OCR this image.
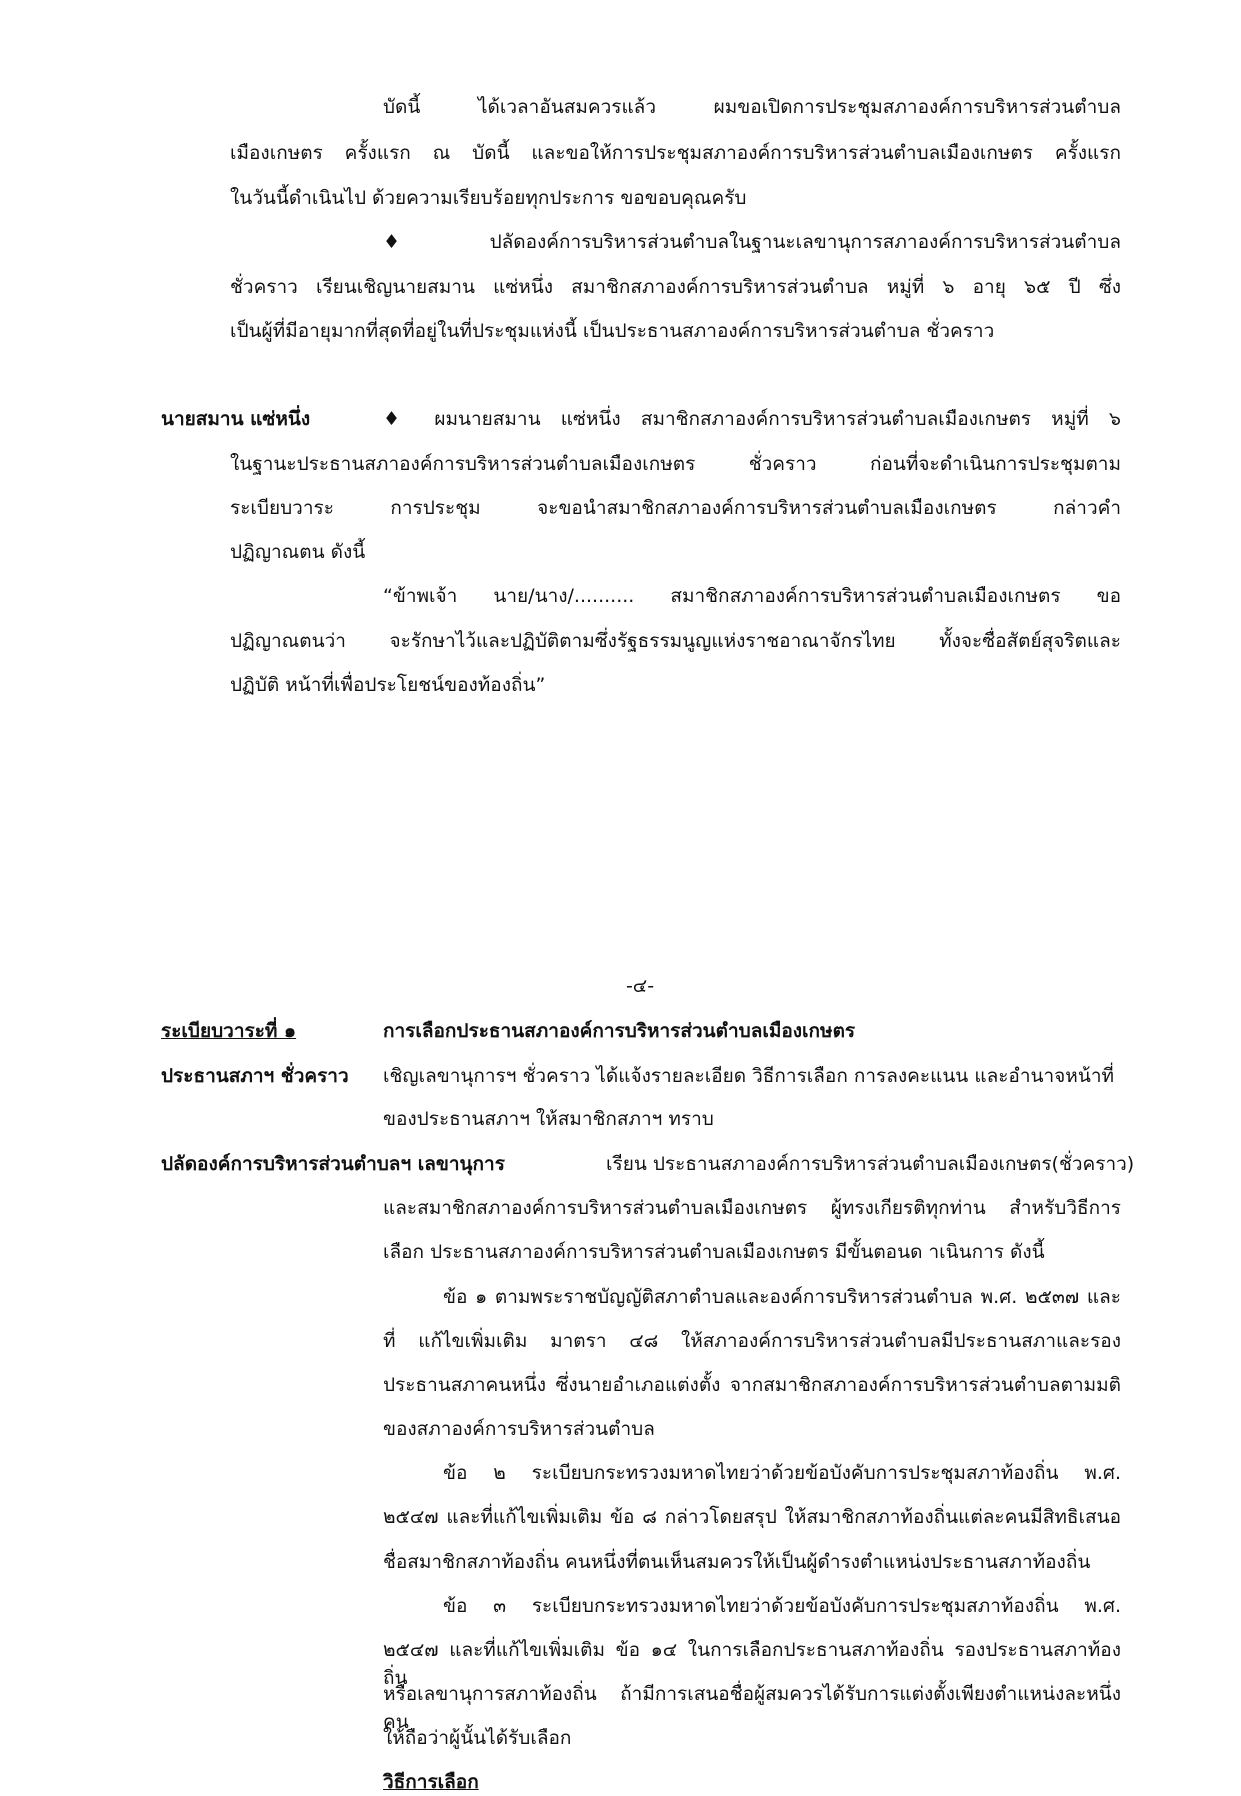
บัดนี้ ได้เวลาอันสมควรแล้ว ผมขอเปิดการประชุมสภาองค์การบริหารส่วนตำบล
เมืองเกษตร ครั้งแรก ณ บัดนี้ และขอให้การประชุมสภาองค์การบริหารส่วนตำบลเมืองเกษตร ครั้งแรก
ในวันนี้ดำเนินไป ด้วยความเรียบร้อยทุกประการ ขอขอบคุณครับ
♦ปลัดองค์การบริหารส่วนตำบลในฐานะเลขานุการสภาองค์การบริหารส่วนตำบล
ชั่วคราว เรียนเชิญนายสมาน แซ่หนึ่ง สมาชิกสภาองค์การบริหารส่วนตำบล หมู่ที่ ๖ อายุ ๖๕ ปี ซึ่ง
เป็นผู้ที่มีอายุมากที่สุดที่อยู่ในที่ประชุมแห่งนี้ เป็นประธานสภาองค์การบริหารส่วนตำบล ชั่วคราว
นายสมาน แซ่หนึ่ง	♦ ผมนายสมาน แซ่หนึ่ง สมาชิกสภาองค์การบริหารส่วนตำบลเมืองเกษตร หมู่ที่ ๖
ในฐานะประธานสภาองค์การบริหารส่วนตำบลเมืองเกษตร ชั่วคราว ก่อนที่จะดำเนินการประชุมตาม
ระเบียบวาระ การประชุม จะขอนำสมาชิกสภาองค์การบริหารส่วนตำบลเมืองเกษตร กล่าวคำ
ปฏิญาณตน ดังนี้
“ข้าพเจ้า นาย/นาง/.......... สมาชิกสภาองค์การบริหารส่วนตำบลเมืองเกษตร ขอ
ปฏิญาณตนว่า จะรักษาไว้และปฏิบัติตามซึ่งรัฐธรรมนูญแห่งราชอาณาจักรไทย ทั้งจะซื่อสัตย์สุจริตและ
ปฏิบัติ หน้าที่เพื่อประโยชน์ของท้องถิ่น”
-๔-
ระเบียบวาระที่ ๑	การเลือกประธานสภาองค์การบริหารส่วนตำบลเมืองเกษตร
ประธานสภาฯ ชั่วคราว เชิญเลขานุการฯ ชั่วคราว ได้แจ้งรายละเอียด วิธีการเลือก การลงคะแนน และอำนาจหน้าที่
ของประธานสภาฯ ให้สมาชิกสภาฯ ทราบ
ปลัดองค์การบริหารส่วนตำบลฯ เลขานุการ	เรียน ประธานสภาองค์การบริหารส่วนตำบลเมืองเกษตร(ชั่วคราว)
และสมาชิกสภาองค์การบริหารส่วนตำบลเมืองเกษตร ผู้ทรงเกียรติทุกท่าน สำหรับวิธีการ
เลือก ประธานสภาองค์การบริหารส่วนตำบลเมืองเกษตร มีขั้นตอนด าเนินการ ดังนี้
ข้อ ๑ ตามพระราชบัญญัติสภาตำบลและองค์การบริหารส่วนตำบล พ.ศ. ๒๕๓๗ และ
ที่ แก้ไขเพิ่มเติม มาตรา ๔๘ ให้สภาองค์การบริหารส่วนตำบลมีประธานสภาและรอง
ประธานสภาคนหนึ่ง ซึ่งนายอำเภอแต่งตั้ง จากสมาชิกสภาองค์การบริหารส่วนตำบลตามมติ
ของสภาองค์การบริหารส่วนตำบล
ข้อ ๒ ระเบียบกระทรวงมหาดไทยว่าด้วยข้อบังคับการประชุมสภาท้องถิ่น พ.ศ.
๒๕๔๗ และที่แก้ไขเพิ่มเติม ข้อ ๘ กล่าวโดยสรุป ให้สมาชิกสภาท้องถิ่นแต่ละคนมีสิทธิเสนอ
ชื่อสมาชิกสภาท้องถิ่น คนหนึ่งที่ตนเห็นสมควรให้เป็นผู้ดำรงตำแหน่งประธานสภาท้องถิ่น
ข้อ ๓ ระเบียบกระทรวงมหาดไทยว่าด้วยข้อบังคับการประชุมสภาท้องถิ่น พ.ศ.
๒๕๔๗ และที่แก้ไขเพิ่มเติม ข้อ ๑๔ ในการเลือกประธานสภาท้องถิ่น รองประธานสภาท้องถิ่น
หรือเลขานุการสภาท้องถิ่น ถ้ามีการเสนอชื่อผู้สมควรได้รับการแต่งตั้งเพียงตำแหน่งละหนึ่งคน
ให้ถือว่าผู้นั้นได้รับเลือก
วิธีการเลือก
